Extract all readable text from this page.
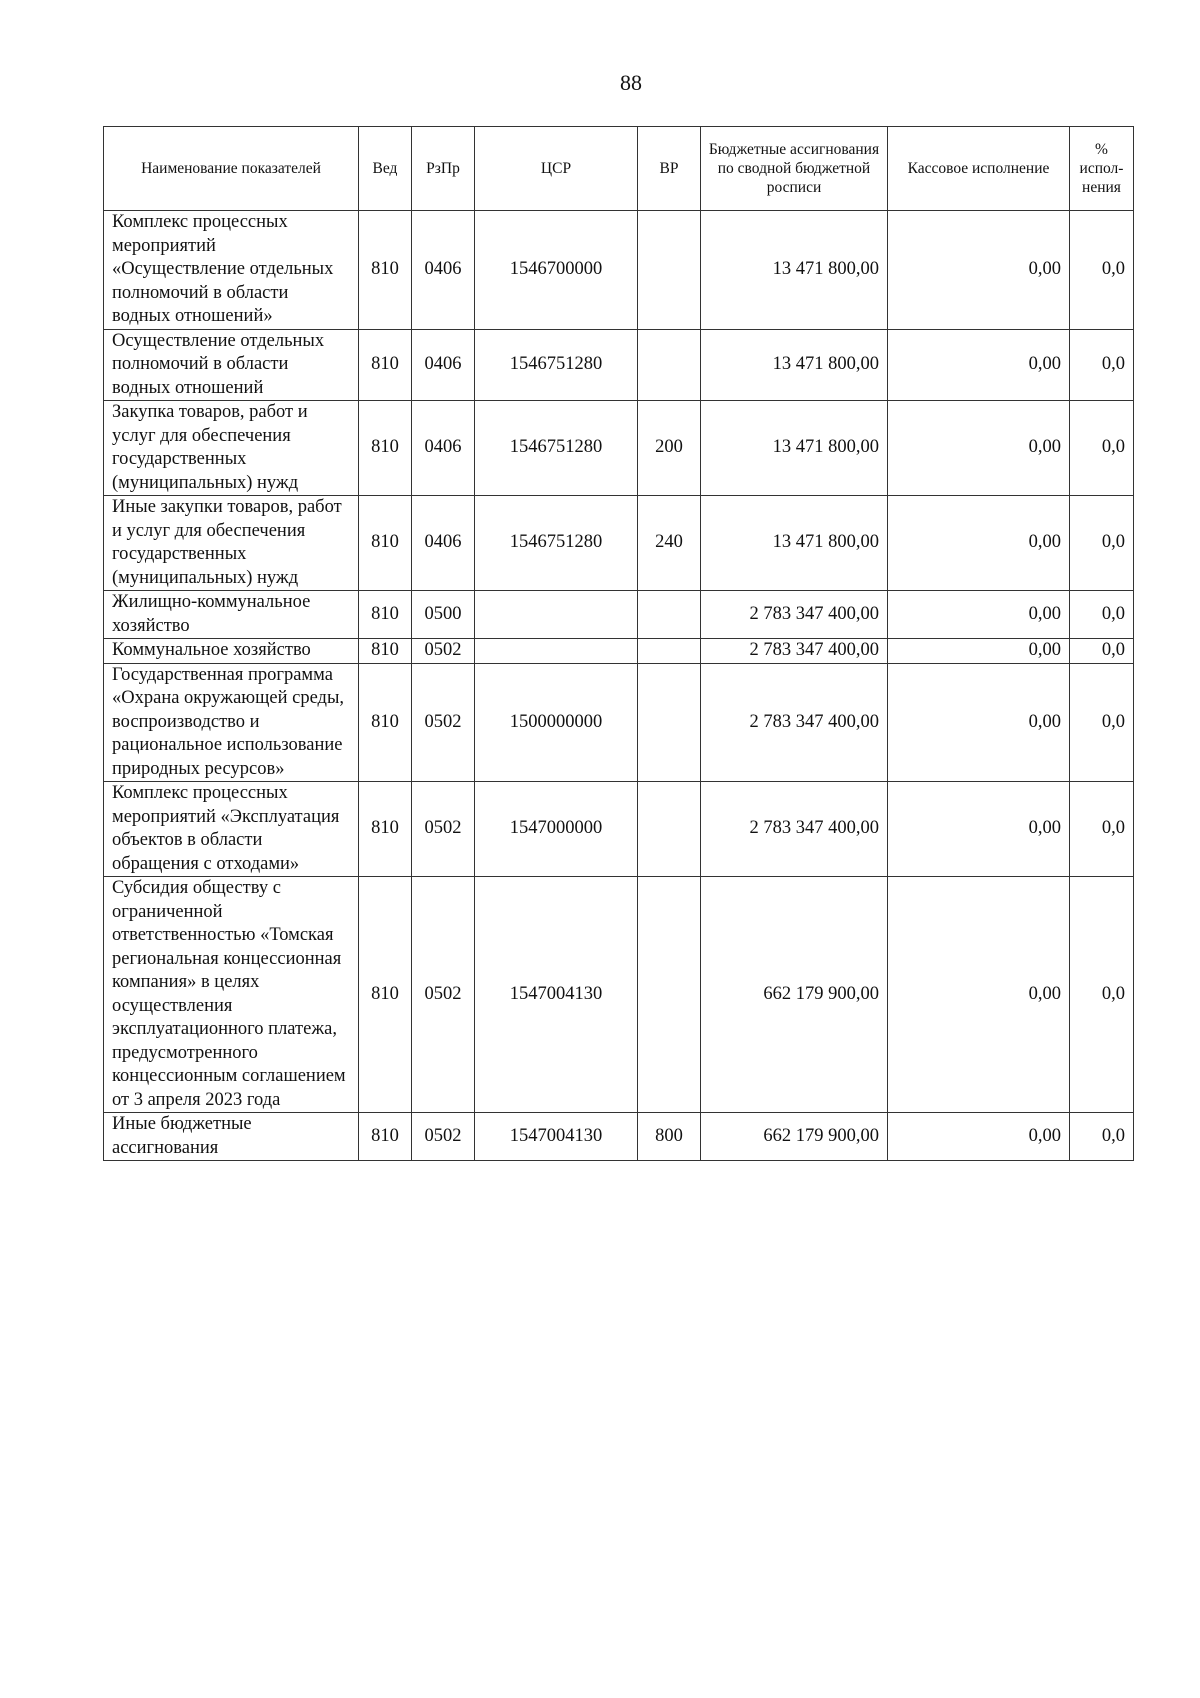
88
Наименование показателей	Вед	РзПр	ЦСР	ВР	Бюджетные ассигнования по сводной бюджетной росписи	Кассовое исполнение	% испол-нения
Комплекс процессных мероприятий «Осуществление отдельных полномочий в области водных отношений»	810	0406	1546700000		13 471 800,00	0,00	0,0
Осуществление отдельных полномочий в области водных отношений	810	0406	1546751280		13 471 800,00	0,00	0,0
Закупка товаров, работ и услуг для обеспечения государственных (муниципальных) нужд	810	0406	1546751280	200	13 471 800,00	0,00	0,0
Иные закупки товаров, работ и услуг для обеспечения государственных (муниципальных) нужд	810	0406	1546751280	240	13 471 800,00	0,00	0,0
Жилищно-коммунальное хозяйство	810	0500			2 783 347 400,00	0,00	0,0
Коммунальное хозяйство	810	0502			2 783 347 400,00	0,00	0,0
Государственная программа «Охрана окружающей среды, воспроизводство и рациональное использование природных ресурсов»	810	0502	1500000000		2 783 347 400,00	0,00	0,0
Комплекс процессных мероприятий «Эксплуатация объектов в области обращения с отходами»	810	0502	1547000000		2 783 347 400,00	0,00	0,0
Субсидия обществу с ограниченной ответственностью «Томская региональная концессионная компания» в целях осуществления эксплуатационного платежа, предусмотренного концессионным соглашением от 3 апреля 2023 года	810	0502	1547004130		662 179 900,00	0,00	0,0
Иные бюджетные ассигнования	810	0502	1547004130	800	662 179 900,00	0,00	0,0
